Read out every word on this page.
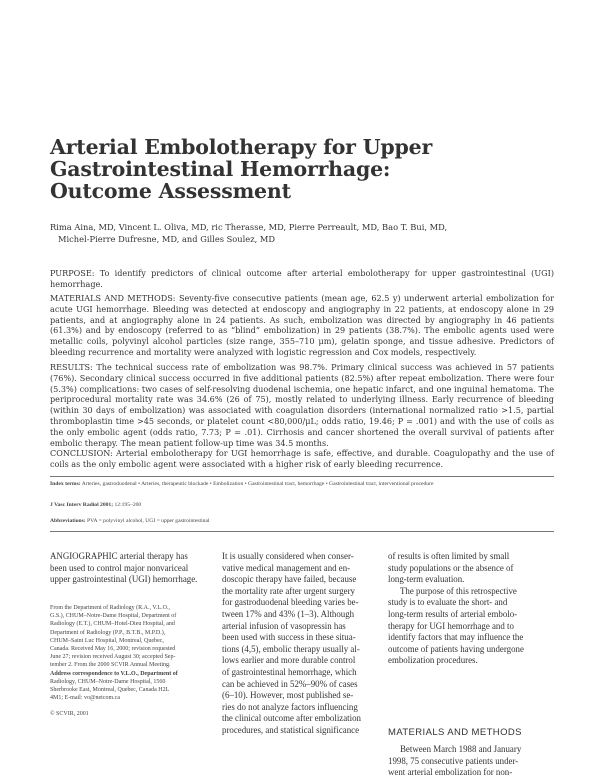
Arterial Embolotherapy for Upper
Gastrointestinal Hemorrhage:
Outcome Assessment
Rima Aina, MD, Vincent L. Oliva, MD, ric Therasse, MD, Pierre Perreault, MD, Bao T. Bui, MD,
Michel-Pierre Dufresne, MD, and Gilles Soulez, MD
PURPOSE: To identify predictors of clinical outcome after arterial embolotherapy for upper gastrointestinal (UGI) hemorrhage.
MATERIALS AND METHODS: Seventy-five consecutive patients (mean age, 62.5 y) underwent arterial embolization for acute UGI hemorrhage. Bleeding was detected at endoscopy and angiography in 22 patients, at endoscopy alone in 29 patients, and at angiography alone in 24 patients. As such, embolization was directed by angiography in 46 patients (61.3%) and by endoscopy (referred to as “blind” embolization) in 29 patients (38.7%). The embolic agents used were metallic coils, polyvinyl alcohol particles (size range, 355–710 μm), gelatin sponge, and tissue adhesive. Predictors of bleeding recurrence and mortality were analyzed with logistic regression and Cox models, respectively.
RESULTS: The technical success rate of embolization was 98.7%. Primary clinical success was achieved in 57 patients (76%). Secondary clinical success occurred in five additional patients (82.5%) after repeat embolization. There were four (5.3%) complications: two cases of self-resolving duodenal ischemia, one hepatic infarct, and one inguinal hematoma. The periprocedural mortality rate was 34.6% (26 of 75), mostly related to underlying illness. Early recurrence of bleeding (within 30 days of embolization) was associated with coagulation disorders (international normalized ratio >1.5, partial thromboplastin time >45 seconds, or platelet count <80,000/μL; odds ratio, 19.46; P = .001) and with the use of coils as the only embolic agent (odds ratio, 7.73; P = .01). Cirrhosis and cancer shortened the overall survival of patients after embolic therapy. The mean patient follow-up time was 34.5 months.
CONCLUSION: Arterial embolotherapy for UGI hemorrhage is safe, effective, and durable. Coagulopathy and the use of coils as the only embolic agent were associated with a higher risk of early bleeding recurrence.
Index terms: Arteries, gastroduodenal • Arteries, therapeutic blockade • Embolization • Gastrointestinal tract, hemorrhage • Gastrointestinal tract, interventional procedure
J Vasc Interv Radiol 2001; 12:195–200
Abbreviations: PVA = polyvinyl alcohol, UGI = upper gastrointestinal
ANGIOGRAPHIC arterial therapy has
been used to control major nonvariceal
upper gastrointestinal (UGI) hemorrhage.
From the Department of Radiology (R.A., V.L.O.,
G.S.), CHUM–Notre-Dame Hospital, Department of
Radiology (E.T.), CHUM–Hotel-Dieu Hospital, and
Department of Radiology (P.P., B.T.B., M.P.D.),
CHUM–Saint Luc Hospital, Montreal, Quebec,
Canada. Received May 16, 2000; revision requested
June 27; revision received August 30; accepted Sep-
tember 2. From the 2000 SCVIR Annual Meeting.
Address correspondence to V.L.O., Department of
Radiology, CHUM–Notre-Dame Hospital, 1560
Sherbrooke East, Montreal, Quebec, Canada H2L
4M1; E-mail: vo@netcom.ca
© SCVIR, 2001
It is usually considered when conser-
vative medical management and en-
doscopic therapy have failed, because
the mortality rate after urgent surgery
for gastroduodenal bleeding varies be-
tween 17% and 43% (1–3). Although
arterial infusion of vasopressin has
been used with success in these situa-
tions (4,5), embolic therapy usually al-
lows earlier and more durable control
of gastrointestinal hemorrhage, which
can be achieved in 52%–90% of cases
(6–10). However, most published se-
ries do not analyze factors influencing
the clinical outcome after embolization
procedures, and statistical significance
of results is often limited by small
study populations or the absence of
long-term evaluation.
The purpose of this retrospective
study is to evaluate the short- and
long-term results of arterial embolo-
therapy for UGI hemorrhage and to
identify factors that may influence the
outcome of patients having undergone
embolization procedures.
MATERIALS AND METHODS
Between March 1988 and January
1998, 75 consecutive patients under-
went arterial embolization for non-
